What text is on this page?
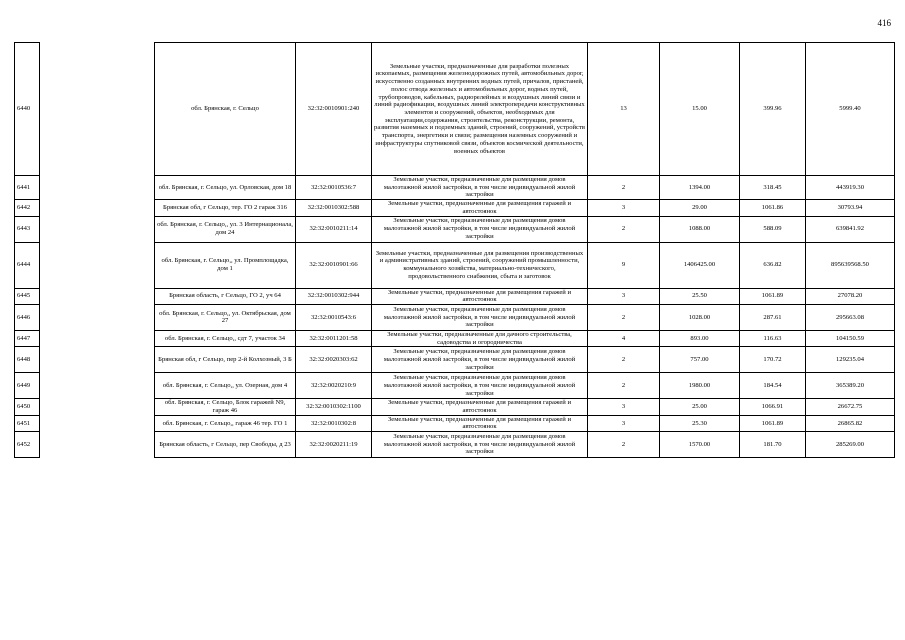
416
6440		обл. Брянская, г. Сельцо	32:32:0010901:240	Земельные участки, предназначенные для разработки полезных ископаемых, размещения железнодорожных путей, автомобильных дорог, искусственно созданных внутренних водных путей, причалов, пристаней, полос отвода железных и автомобильных дорог, водных путей, трубопроводов, кабельных, радиорелейных и воздушных линий связи и линий радиофикации, воздушных линий электропередачи конструктивных элементов и сооружений, объектов, необходимых для эксплуатации,содержания, строительства, реконструкции, ремонта, развития наземных и подземных зданий, строений, сооружений, устройств транспорта, энергетики и связи; размещения наземных сооружений и инфраструктуры спутниковой связи, объектов космической деятельности, военных объектов	13	15.00	399.96	5999.40
6441		обл. Брянская, г. Сельцо, ул. Орловская, дом 18	32:32:0010536:7	Земельные участки, предназначенные для размещения домов малоэтажной жилой застройки, в том числе индивидуальной жилой застройки	2	1394.00	318.45	443919.30
6442		Брянская обл, г Сельцо, тер. ГО 2 гараж 316	32:32:0010302:588	Земельные участки, предназначенные для размещения гаражей и автостоянок	3	29.00	1061.86	30793.94
6443		обл. Брянская, г. Сельцо,, ул. 3 Интернационала, дом 24	32:32:0010211:14	Земельные участки, предназначенные для размещения домов малоэтажной жилой застройки, в том числе индивидуальной жилой застройки	2	1088.00	588.09	639841.92
6444		обл. Брянская, г. Сельцо,, ул. Промплощадка, дом 1	32:32:0010901:66	Земельные участки, предназначенные для размещения производственных и административных зданий, строений, сооружений промышленности, коммунального хозяйства, материально-технического, продовольственного снабжения, сбыта и заготовок	9	1406425.00	636.82	895639568.50
6445		Брянская область, г Сельцо, ГО 2, уч 64	32:32:0010302:944	Земельные участки, предназначенные для размещения гаражей и автостоянок	3	25.50	1061.89	27078.20
6446		обл. Брянская, г. Сельцо,, ул. Октябрьская, дом 27	32:32:0010543:6	Земельные участки, предназначенные для размещения домов малоэтажной жилой застройки, в том числе индивидуальной жилой застройки	2	1028.00	287.61	295663.08
6447		обл. Брянская, г. Сельцо,, сдт 7, участок 34	32:32:0011201:58	Земельные участки, предназначенные для дачного строительства, садоводства и огородничества	4	893.00	116.63	104150.59
6448		Брянская обл, г Сельцо, пер 2-й Колхозный, 3 Б	32:32:0020303:62	Земельные участки, предназначенные для размещения домов малоэтажной жилой застройки, в том числе индивидуальной жилой застройки	2	757.00	170.72	129235.04
6449		обл. Брянская, г. Сельцо,, ул. Озерная, дом 4	32:32:0020210:9	Земельные участки, предназначенные для размещения домов малоэтажной жилой застройки, в том числе индивидуальной жилой застройки	2	1980.00	184.54	365389.20
6450		обл. Брянская, г. Сельцо, Блок гаражей N9, гараж 46	32:32:0010302:1100	Земельные участки, предназначенные для размещения гаражей и автостоянок	3	25.00	1066.91	26672.75
6451		обл. Брянская, г. Сельцо,, гараж 46 тер. ГО 1	32:32:0010302:8	Земельные участки, предназначенные для размещения гаражей и автостоянок	3	25.30	1061.89	26865.82
6452		Брянская область, г Сельцо, пер Свободы, д 23	32:32:0020211:19	Земельные участки, предназначенные для размещения домов малоэтажной жилой застройки, в том числе индивидуальной жилой застройки	2	1570.00	181.70	285269.00
